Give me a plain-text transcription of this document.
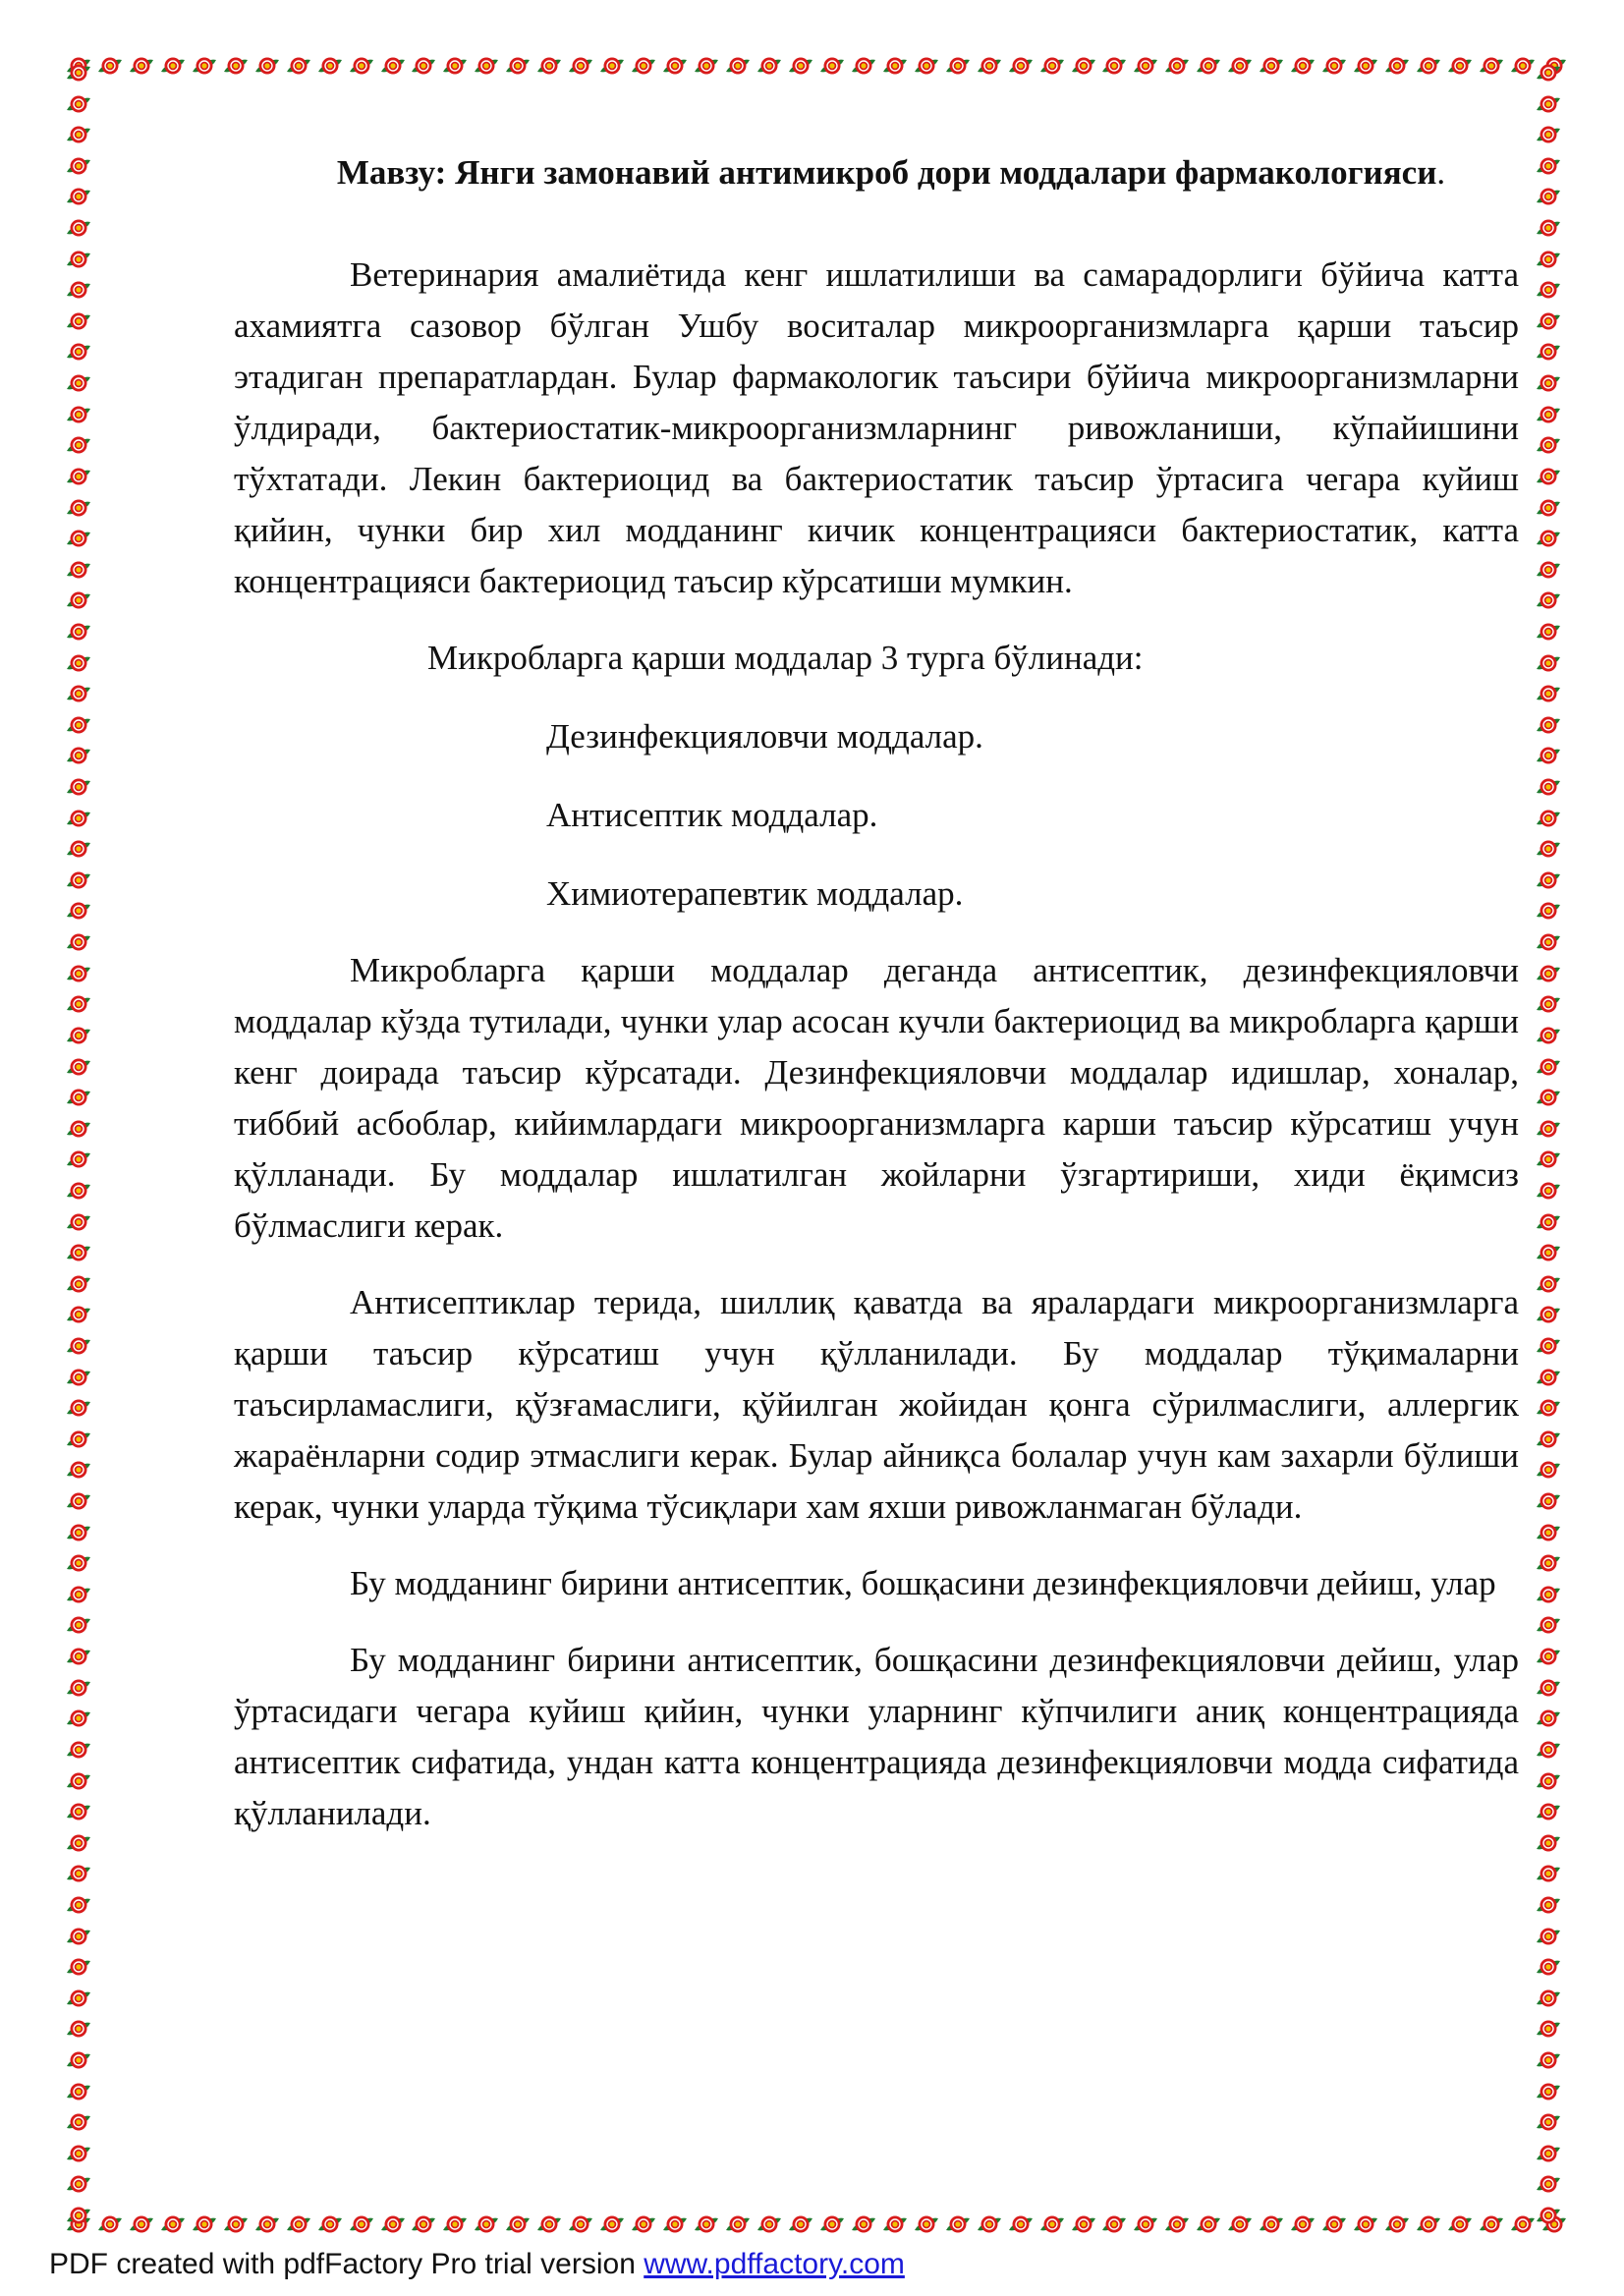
Мавзу: Янги замонавий антимикроб дори моддалари фармакологияси.

Ветеринария амалиётида кенг ишлатилиши ва самарадорлиги бўйича катта ахамиятга сазовор бўлган Ушбу воситалар микроорганизмларга қарши таъсир этадиган препаратлардан. Булар фармакологик таъсири бўйича микроорганизмларни ўлдиради, бактериостатик-микроорганизмларнинг ривожланиши, кўпайишини тўхтатади. Лекин бактериоцид ва бактериостатик таъсир ўртасига чегара куйиш қийин, чунки бир хил модданинг кичик концентрацияси бактериостатик, катта концентрацияси бактериоцид таъсир кўрсатиши мумкин.

Микробларга қарши моддалар 3 турга бўлинади:

Дезинфекцияловчи моддалар.

Антисептик моддалар.

Химиотерапевтик моддалар.

Микробларга қарши моддалар деганда антисептик, дезинфекцияловчи моддалар кўзда тутилади, чунки улар асосан кучли бактериоцид ва микробларга қарши кенг доирада таъсир кўрсатади. Дезинфекцияловчи моддалар идишлар, хоналар, тиббий асбоблар, кийимлардаги микроорганизмларга карши таъсир кўрсатиш учун қўлланади. Бу моддалар ишлатилган жойларни ўзгартириши, хиди ёқимсиз бўлмаслиги керак.

Антисептиклар терида, шиллиқ қаватда ва яралардаги микроорганизмларга қарши таъсир кўрсатиш учун қўлланилади. Бу моддалар тўқималарни таъсирламаслиги, қўзғамаслиги, қўйилган жойидан қонга сўрилмаслиги, аллергик жараёнларни содир этмаслиги керак. Булар айниқса болалар учун кам захарли бўлиши керак, чунки уларда тўқима тўсиқлари хам яхши ривожланмаган бўлади.

Бу модданинг бирини антисептик, бошқасини дезинфекцияловчи дейиш, улар

Бу модданинг бирини антисептик, бошқасини дезинфекцияловчи дейиш, улар ўртасидаги чегара куйиш қийин, чунки уларнинг кўпчилиги аниқ концентрацияда антисептик сифатида, ундан катта концентрацияда дезинфекцияловчи модда сифатида қўлланилади.

PDF created with pdfFactory Pro trial version www.pdffactory.com
